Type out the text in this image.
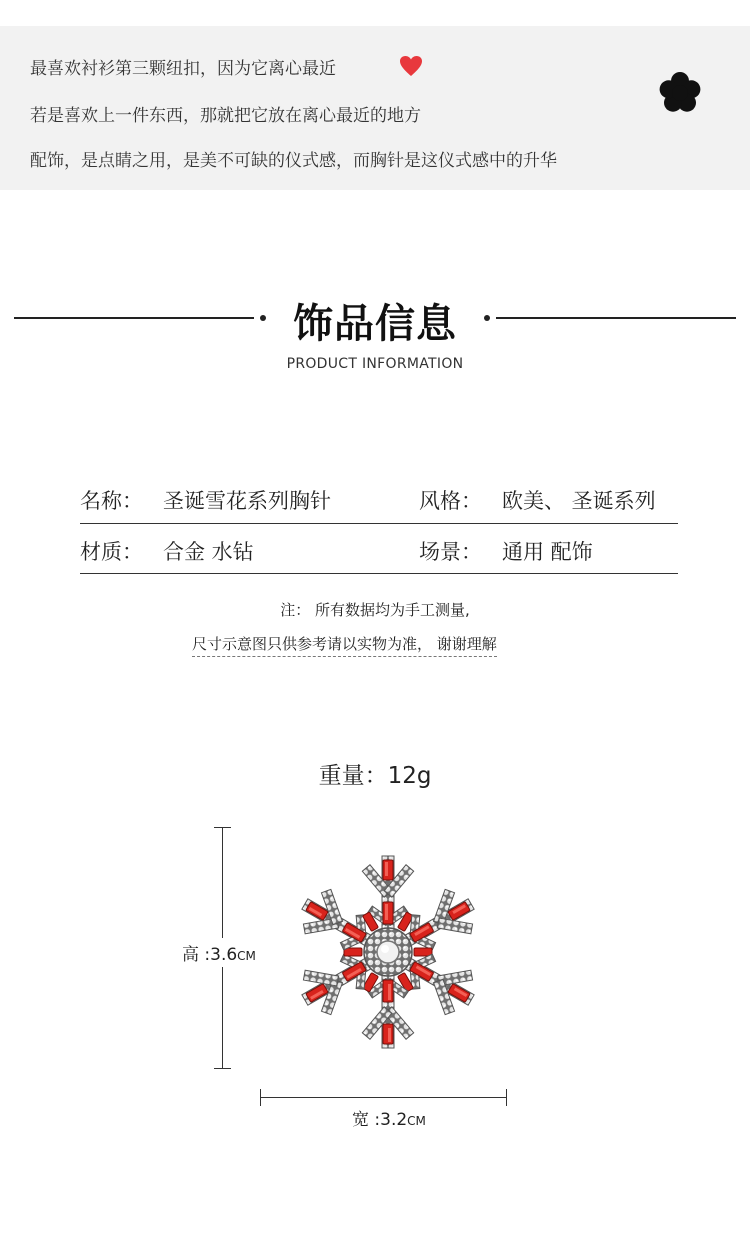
最喜欢衬衫第三颗纽扣，因为它离心最近
若是喜欢上一件东西，那就把它放在离心最近的地方
配饰，是点睛之用，是美不可缺的仪式感，而胸针是这仪式感中的升华
饰品信息
PRODUCT INFORMATION
名称： 圣诞雪花系列胸针	风格： 欧美、 圣诞系列
材质： 合金 水钻	场景： 通用 配饰
注： 所有数据均为手工测量,
尺寸示意图只供参考请以实物为准， 谢谢理解
重量：12g
高 :3.6CM
宽 :3.2CM
